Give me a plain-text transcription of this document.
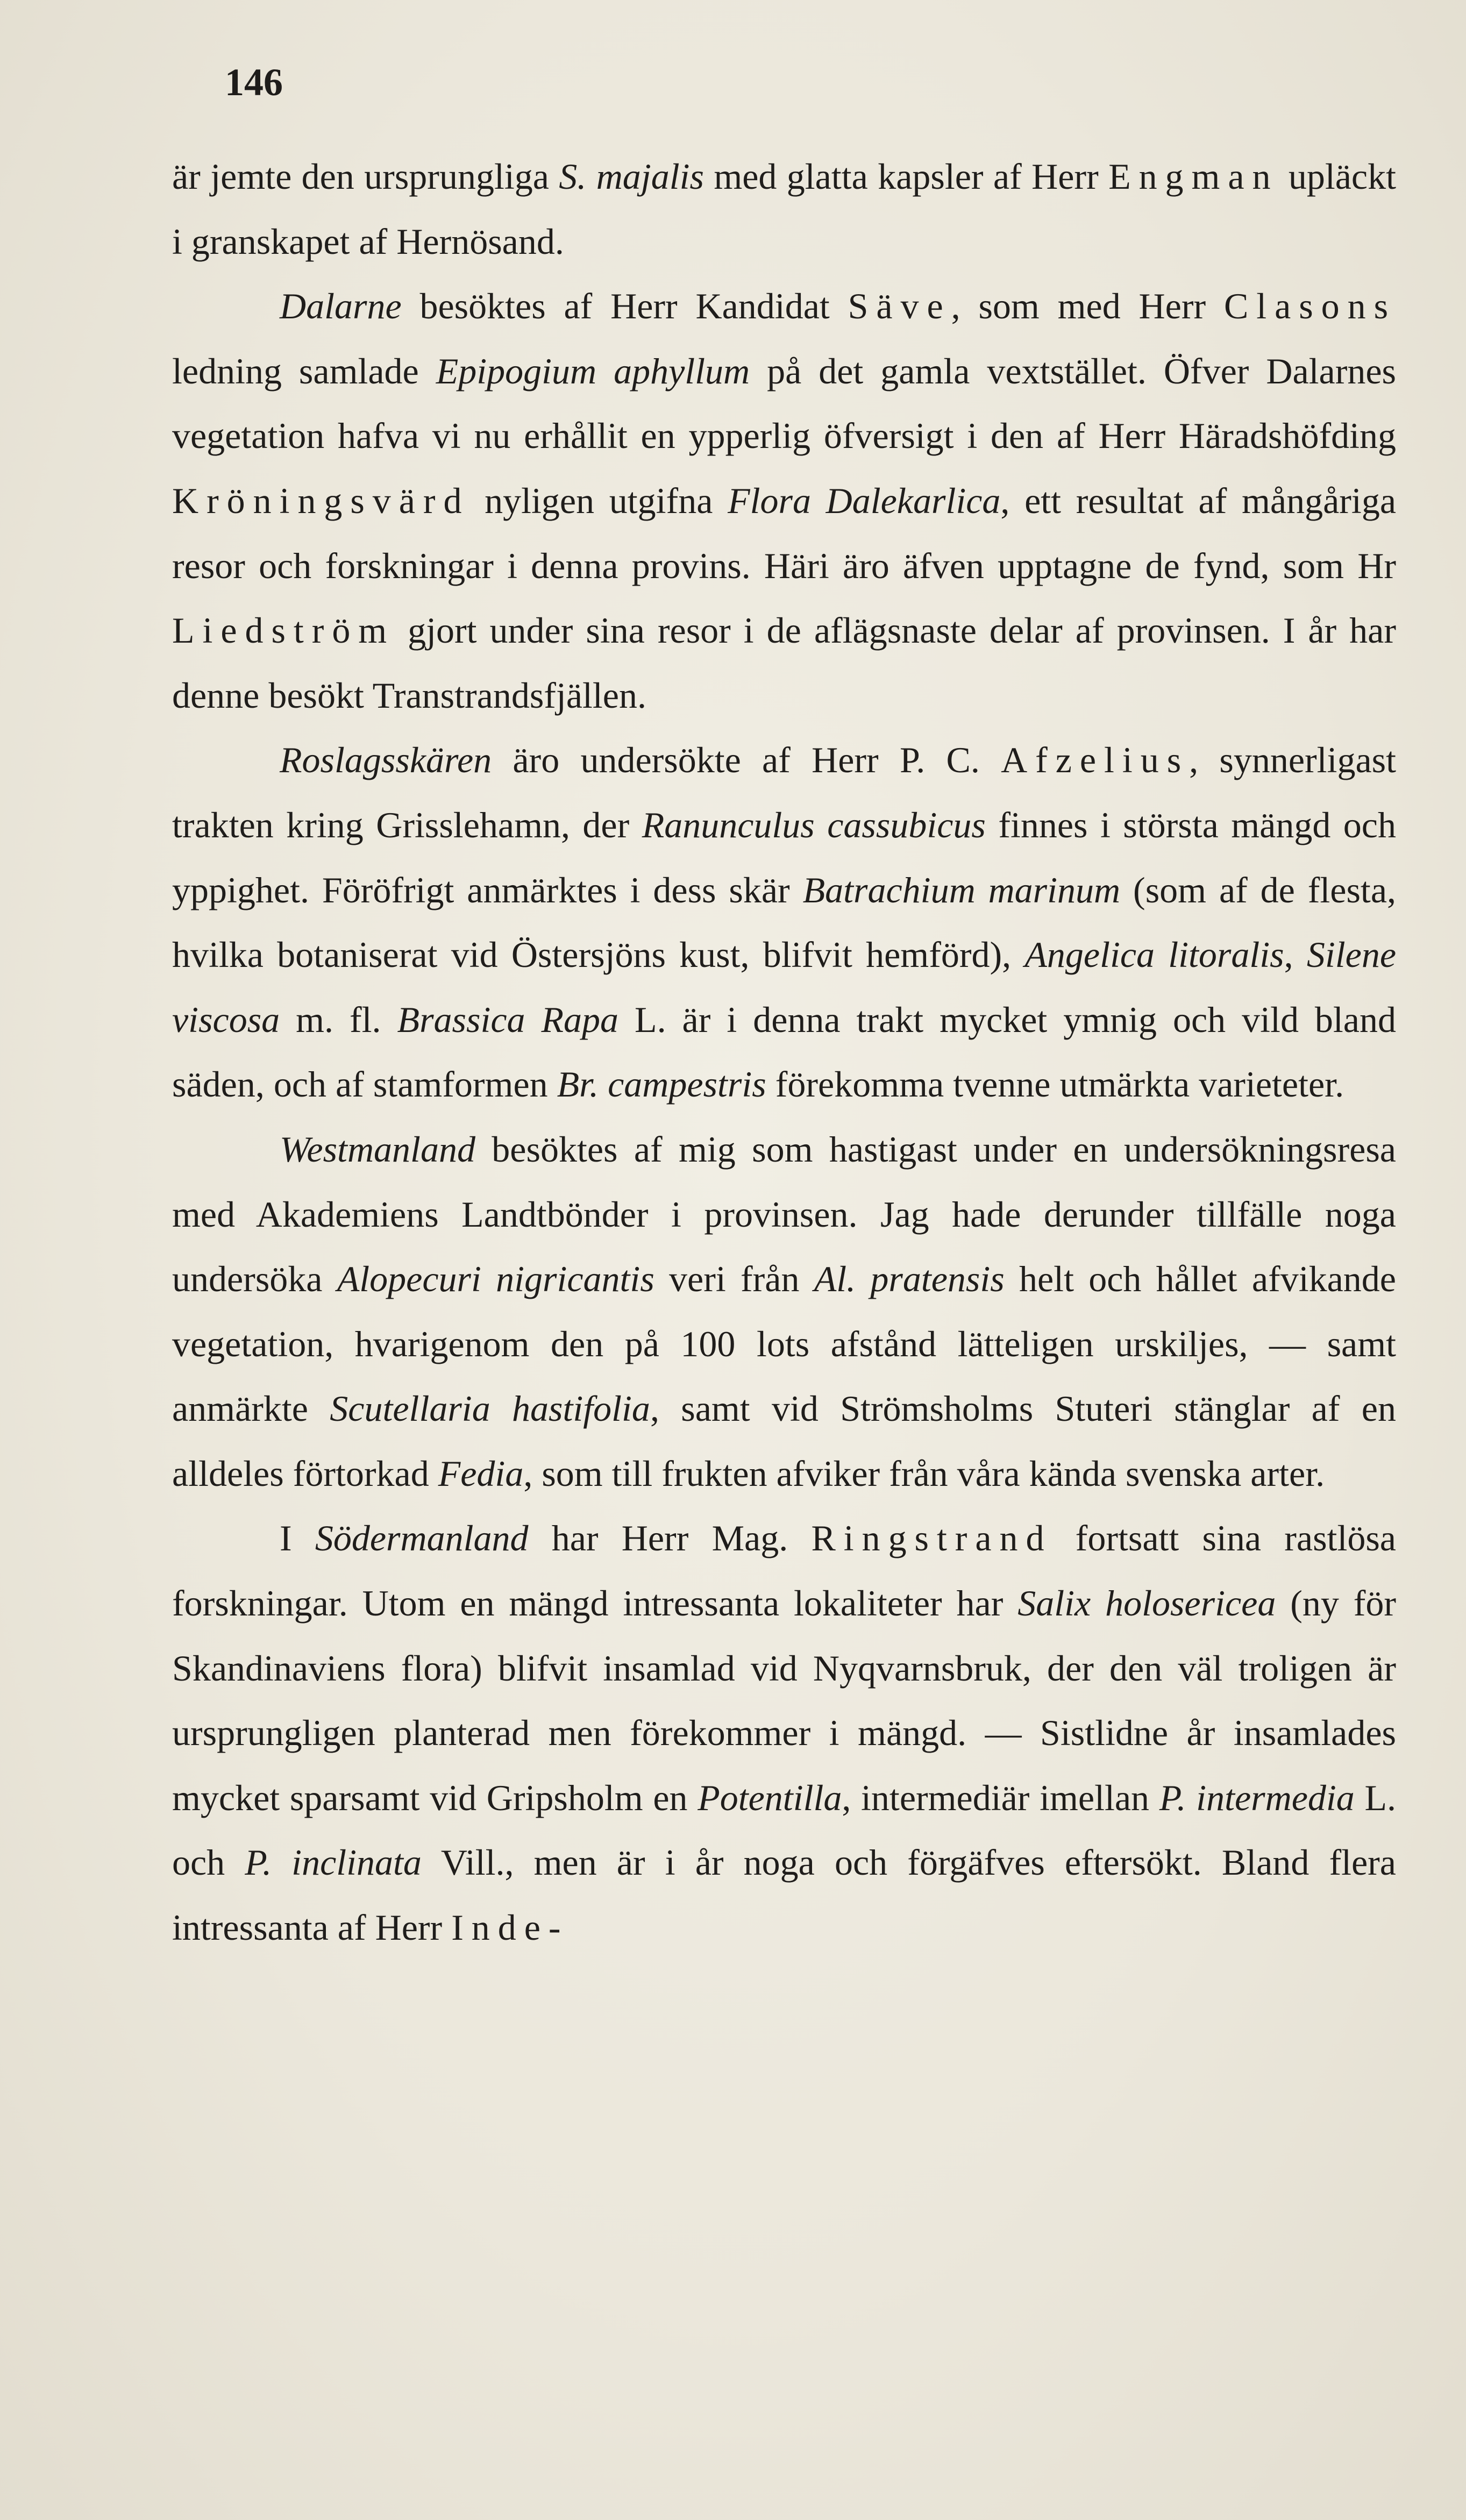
146

är jemte den ursprungliga S. majalis med glatta kapsler af Herr Engman upläckt i granskapet af Hernösand.

Dalarne besöktes af Herr Kandidat Säve, som med Herr Clasons ledning samlade Epipogium aphyllum på det gamla vextstället. Öfver Dalarnes vegetation hafva vi nu erhållit en ypperlig öfversigt i den af Herr Häradshöfding Kröningsvärd nyligen utgifna Flora Dalekarlica, ett resultat af mångåriga resor och forskningar i denna provins. Häri äro äfven upptagne de fynd, som Hr Liedström gjort under sina resor i de aflägsnaste delar af provinsen. I år har denne besökt Transtrandsfjällen.

Roslagsskären äro undersökte af Herr P. C. Afzelius, synnerligast trakten kring Grisslehamn, der Ranunculus cassubicus finnes i största mängd och yppighet. Föröfrigt anmärktes i dess skär Batrachium marinum (som af de flesta, hvilka botaniserat vid Östersjöns kust, blifvit hemförd), Angelica litoralis, Silene viscosa m. fl. Brassica Rapa L. är i denna trakt mycket ymnig och vild bland säden, och af stamformen Br. campestris förekomma tvenne utmärkta varieteter.

Westmanland besöktes af mig som hastigast under en undersökningsresa med Akademiens Landtbönder i provinsen. Jag hade derunder tillfälle noga undersöka Alopecuri nigricantis veri från Al. pratensis helt och hållet afvikande vegetation, hvarigenom den på 100 lots afstånd lätteligen urskiljes, — samt anmärkte Scutellaria hastifolia, samt vid Strömsholms Stuteri stänglar af en alldeles förtorkad Fedia, som till frukten afviker från våra kända svenska arter.

I Södermanland har Herr Mag. Ringstrand fortsatt sina rastlösa forskningar. Utom en mängd intressanta lokaliteter har Salix holosericea (ny för Skandinaviens flora) blifvit insamlad vid Nyqvarnsbruk, der den väl troligen är ursprungligen planterad men förekommer i mängd. — Sistlidne år insamlades mycket sparsamt vid Gripsholm en Potentilla, intermediär imellan P. intermedia L. och P. inclinata Vill., men är i år noga och förgäfves eftersökt. Bland flera intressanta af Herr Inde-
